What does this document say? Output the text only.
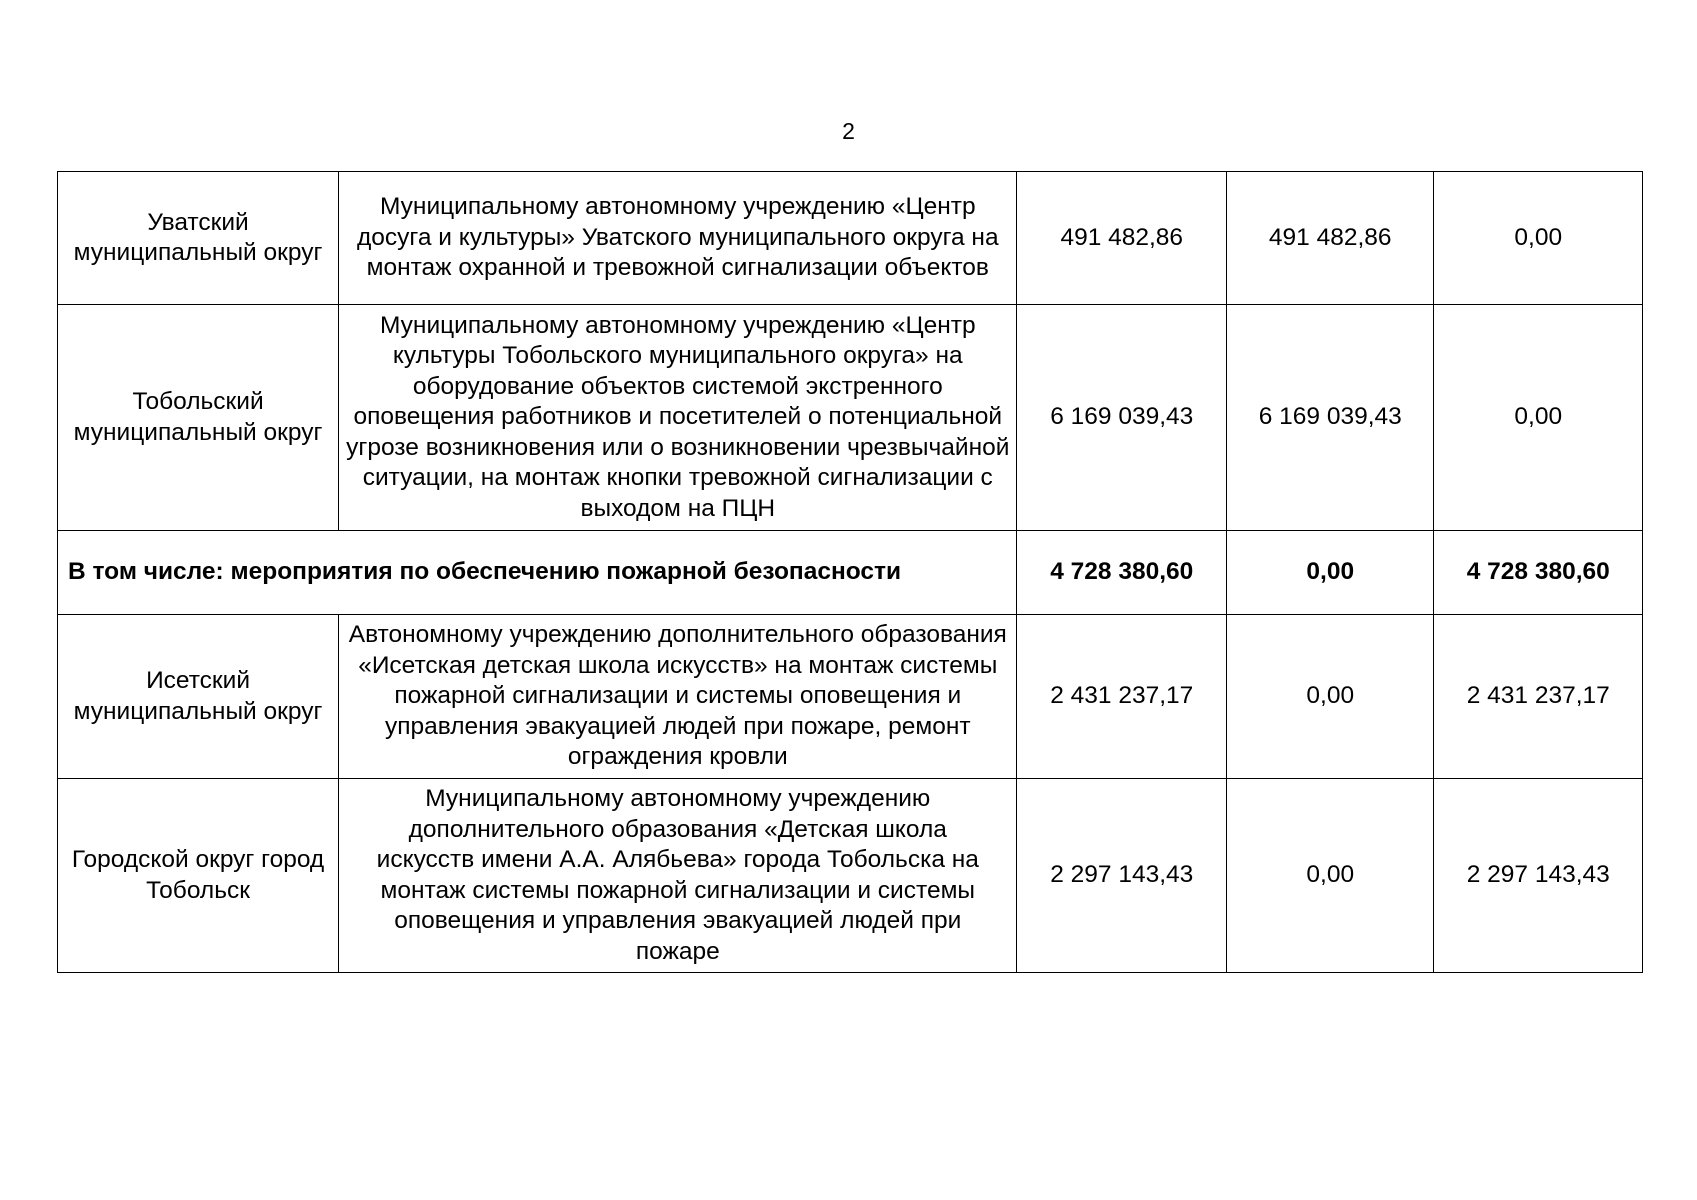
2
Уватский муниципальный округ	Муниципальному автономному учреждению «Центр досуга и культуры» Уватского муниципального округа на монтаж охранной и тревожной сигнализации объектов	491 482,86	491 482,86	0,00
Тобольский муниципальный округ	Муниципальному автономному учреждению «Центр культуры Тобольского муниципального округа» на оборудование объектов системой экстренного оповещения работников и посетителей о потенциальной угрозе возникновения или о возникновении чрезвычайной ситуации, на монтаж кнопки тревожной сигнализации с выходом на ПЦН	6 169 039,43	6 169 039,43	0,00
В том числе: мероприятия по обеспечению пожарной безопасности		4 728 380,60	0,00	4 728 380,60
Исетский муниципальный округ	Автономному учреждению дополнительного образования «Исетская детская школа искусств» на монтаж системы пожарной сигнализации и системы оповещения и управления эвакуацией людей при пожаре, ремонт ограждения кровли	2 431 237,17	0,00	2 431 237,17
Городской округ город Тобольск	Муниципальному автономному учреждению дополнительного образования «Детская школа искусств имени А.А. Алябьева» города Тобольска на монтаж системы пожарной сигнализации и системы оповещения и управления эвакуацией людей при пожаре	2 297 143,43	0,00	2 297 143,43
